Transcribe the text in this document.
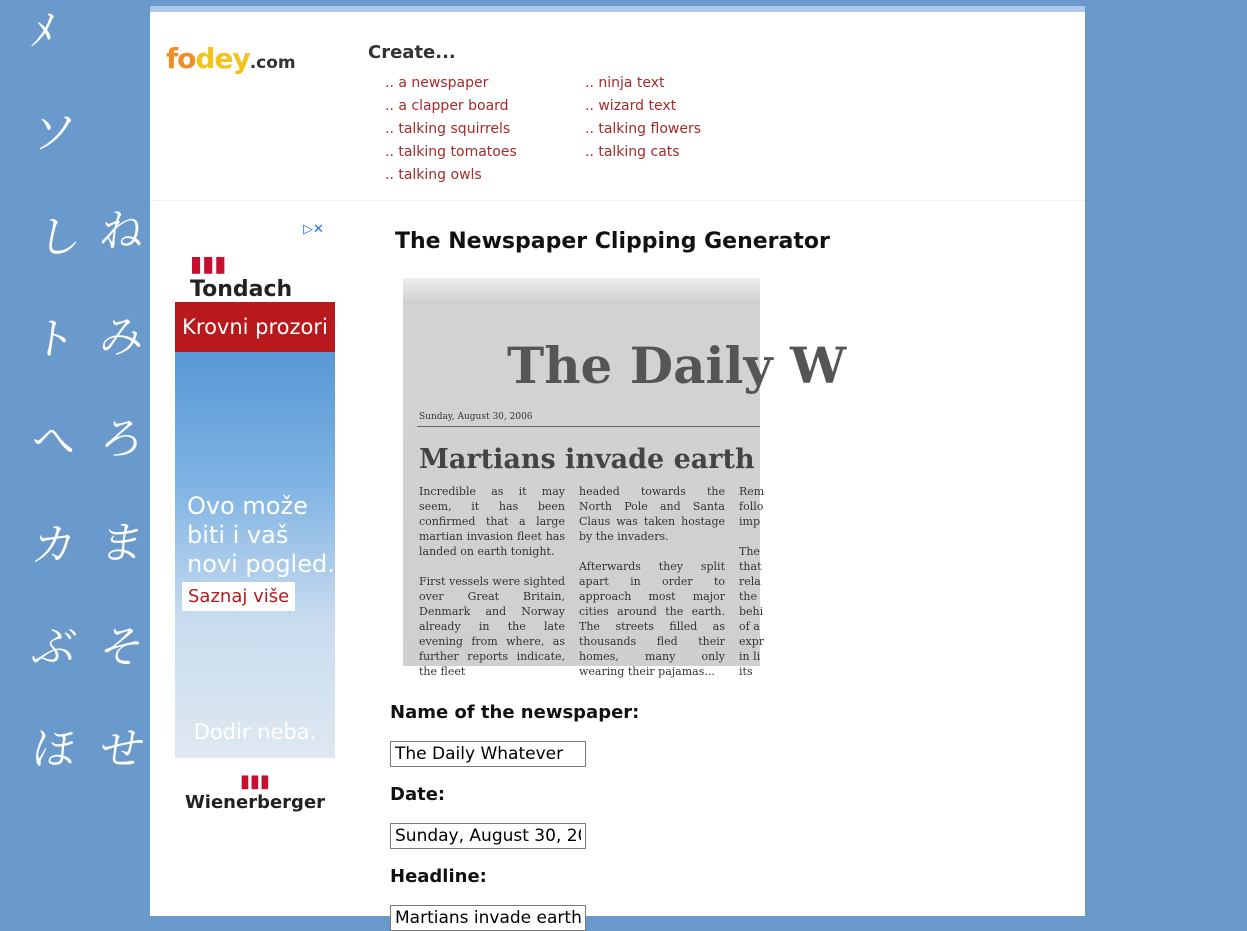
ﾒ
ソ
し ね
ト み
へ ろ
カ ま
ぶ そ
ほ せ
fodey.com	Create...
.. a newspaper
.. a clapper board
.. talking squirrels
.. talking tomatoes
.. talking owls
.. ninja text
.. wizard text
.. talking flowers
.. talking cats
▷✕
▮▮▮ Tondach
Krovni prozori
Ovo može
biti i vaš
novi pogled.
Saznaj više
Dodir neba.
▮▮▮
Wienerberger
The Newspaper Clipping Generator
The Daily W
Sunday, August 30, 2006
Martians invade earth

Incredible as it may seem, it has been confirmed that a large martian invasion fleet has landed on earth tonight.

First vessels were sighted over Great Britain, Denmark and Norway already in the late evening from where, as further reports indicate, the fleet

headed towards the North Pole and Santa Claus was taken hostage by the invaders.

Afterwards they split apart in order to approach most major cities around the earth. The streets filled as thousands fled their homes, many only wearing their pajamas...

Rem follo imp

The that rela the behi of a expr in li its

Name of the newspaper:
The Daily Whatever
Date:
Sunday, August 30, 200
Headline:
Martians invade earth
